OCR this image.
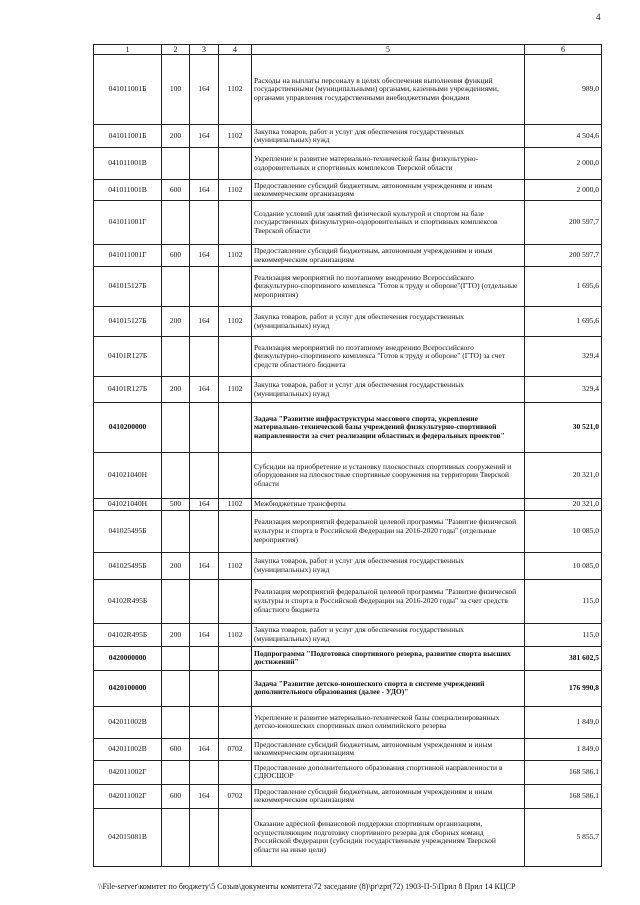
4
1	2	3	4	5	6
041011001Б	100	164	1102	Расходы на выплаты персоналу в целях обеспечения выполнения функций государственными (муниципальными) органами, казенными учреждениями, органами управления государственными внебюджетными фондами	989,0
041011001Б	200	164	1102	Закупка товаров, работ и услуг для обеспечения государственных (муниципальных) нужд	4 504,6
041011001В				Укрепление и развитие материально-технической базы физкультурно-оздоровительных и спортивных комплексов Тверской области	2 000,0
041011001В	600	164	1102	Предоставление субсидий бюджетным, автономным учреждениям и иным некоммерческим организациям	2 000,0
041011001Г				Создание условий для занятий физической культурой и спортом на базе государственных физкультурно-оздоровительных и спортивных комплексов Тверской области	200 597,7
041011001Г	600	164	1102	Предоставление субсидий бюджетным, автономным учреждениям и иным некоммерческим организациям	200 597,7
041015127Б				Реализация мероприятий по поэтапному внедрению Всероссийского физкультурно-спортивного комплекса "Готов к труду и обороне"(ГТО) (отдельные мероприятия)	1 695,6
041015127Б	200	164	1102	Закупка товаров, работ и услуг для обеспечения государственных (муниципальных) нужд	1 695,6
04101R127Б				Реализация мероприятий по поэтапному внедрению Всероссийского физкультурно-спортивного комплекса "Готов к труду и обороне" (ГТО) за счет средств областного бюджета	329,4
04101R127Б	200	164	1102	Закупка товаров, работ и услуг для обеспечения государственных (муниципальных) нужд	329,4
0410200000				Задача "Развитие инфраструктуры массового спорта, укрепление материально-технической базы учреждений физкультурно-спортивной направленности за счет реализации областных и федеральных проектов"	30 521,0
041021040Н				Субсидии на приобретение и установку плоскостных спортивных сооружений и оборудования на плоскостные спортивные сооружения на территории Тверской области	20 321,0
041021040Н	500	164	1102	Межбюджетные трансферты	20 321,0
041025495Б				Реализация мероприятий федеральной целевой программы "Развитие физической культуры и спорта в Российской Федерации на 2016-2020 годы" (отдельные мероприятия)	10 085,0
041025495Б	200	164	1102	Закупка товаров, работ и услуг для обеспечения государственных (муниципальных) нужд	10 085,0
04102R495Б				Реализация мероприятий федеральной целевой программы "Развитие физической культуры и спорта в Российской Федерации на 2016-2020 годы" за счет средств областного бюджета	115,0
04102R495Б	200	164	1102	Закупка товаров, работ и услуг для обеспечения государственных (муниципальных) нужд	115,0
0420000000				Подпрограмма "Подготовка спортивного резерва, развитие спорта высших достижений"	381 602,5
0420100000				Задача "Развитие детско-юношеского спорта в системе учреждений дополнительного образования (далее - УДО)"	176 990,8
042011002В				Укрепление и развитие материально-технической базы специализированных детско-юношеских спортивных школ олимпийского резерва	1 849,0
042011002В	600	164	0702	Предоставление субсидий бюджетным, автономным учреждениям и иным некоммерческим организациям	1 849,0
042011002Г				Предоставление дополнительного образования спортивной направленности в СДЮСШОР	168 586,1
042011002Г	600	164	0702	Предоставление субсидий бюджетным, автономным учреждениям и иным некоммерческим организациям	168 586,1
042015081В				Оказание адресной финансовой поддержки спортивным организациям, осуществляющим подготовку спортивного резерва для сборных команд Российской Федерации (субсидии государственным учреждениям Тверской области на иные цели)	5 855,7
\\File-server\комитет по бюджету\5 Созыв\документы комитета\72 заседание (8)\pr\zpr(72) 1903-П-5\Прил 8 Прил 14 КЦСР
